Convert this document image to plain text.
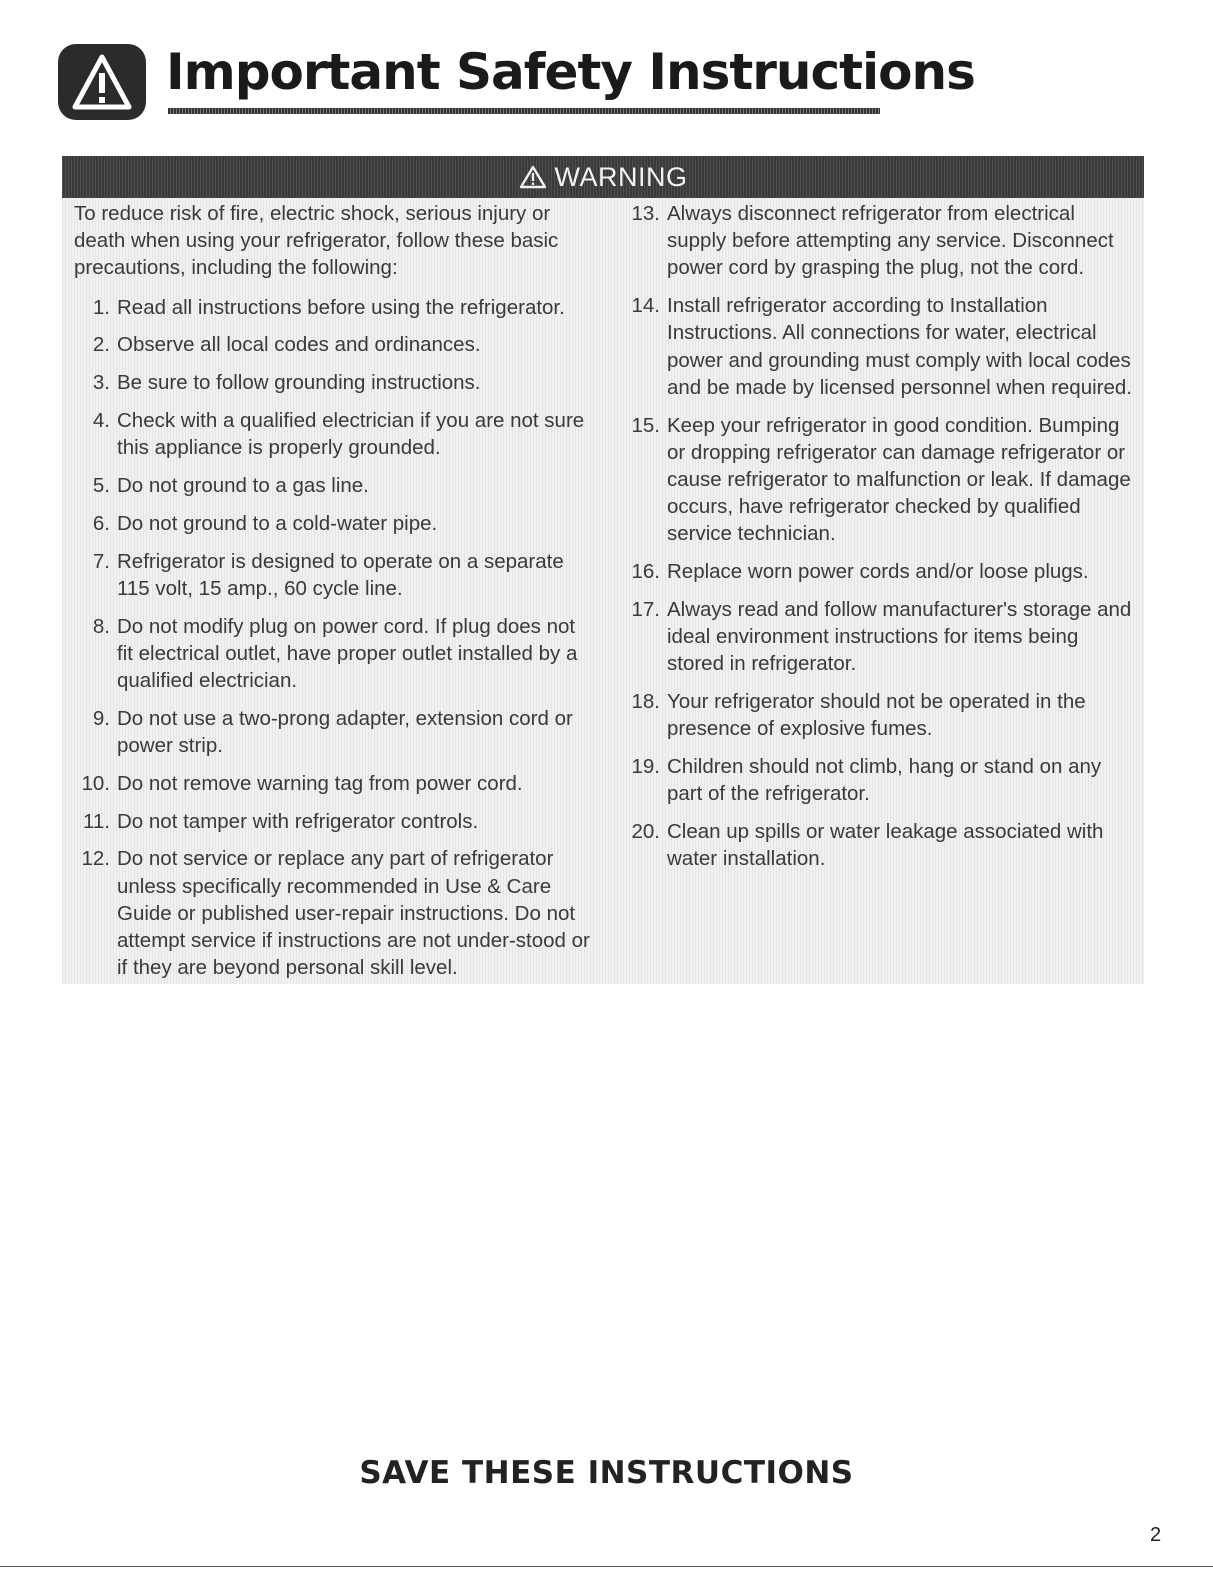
Important Safety Instructions
WARNING

To reduce risk of fire, electric shock, serious injury or death when using your refrigerator, follow these basic precautions, including the following:

1. Read all instructions before using the refrigerator.
2. Observe all local codes and ordinances.
3. Be sure to follow grounding instructions.
4. Check with a qualified electrician if you are not sure this appliance is properly grounded.
5. Do not ground to a gas line.
6. Do not ground to a cold-water pipe.
7. Refrigerator is designed to operate on a separate 115 volt, 15 amp., 60 cycle line.
8. Do not modify plug on power cord. If plug does not fit electrical outlet, have proper outlet installed by a qualified electrician.
9. Do not use a two-prong adapter, extension cord or power strip.
10. Do not remove warning tag from power cord.
11. Do not tamper with refrigerator controls.
12. Do not service or replace any part of refrigerator unless specifically recommended in Use & Care Guide or published user-repair instructions. Do not attempt service if instructions are not under-stood or if they are beyond personal skill level.
13. Always disconnect refrigerator from electrical supply before attempting any service. Disconnect power cord by grasping the plug, not the cord.
14. Install refrigerator according to Installation Instructions. All connections for water, electrical power and grounding must comply with local codes and be made by licensed personnel when required.
15. Keep your refrigerator in good condition. Bumping or dropping refrigerator can damage refrigerator or cause refrigerator to malfunction or leak. If damage occurs, have refrigerator checked by qualified service technician.
16. Replace worn power cords and/or loose plugs.
17. Always read and follow manufacturer's storage and ideal environment instructions for items being stored in refrigerator.
18. Your refrigerator should not be operated in the presence of explosive fumes.
19. Children should not climb, hang or stand on any part of the refrigerator.
20. Clean up spills or water leakage associated with water installation.
SAVE THESE INSTRUCTIONS
2
